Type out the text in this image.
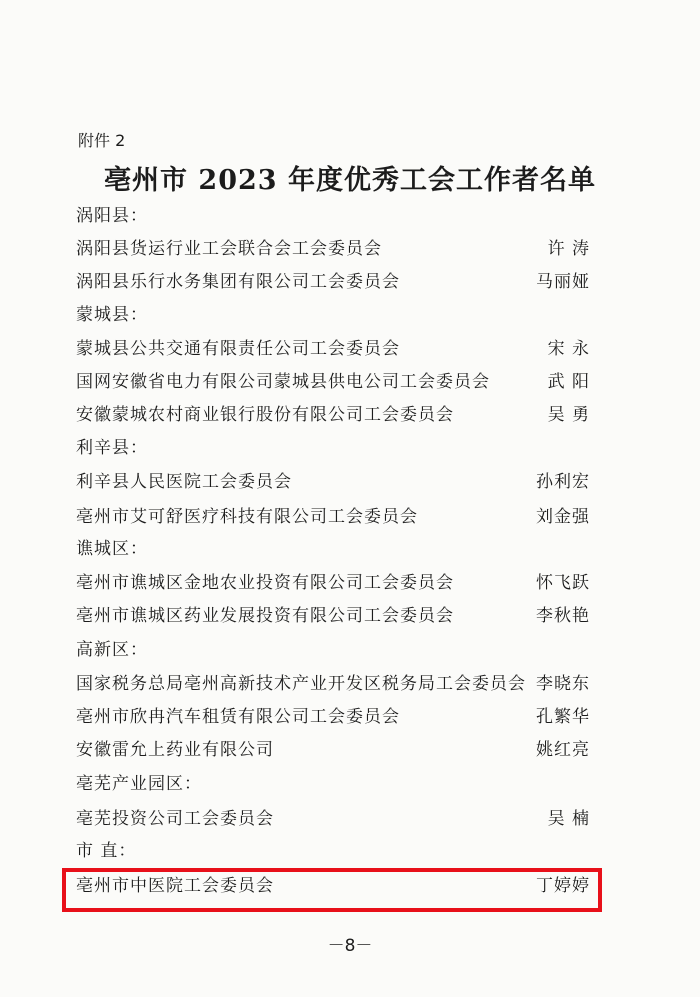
附件 2
亳州市 2023 年度优秀工会工作者名单
涡阳县：
涡阳县货运行业工会联合会工会委员会	许 涛
涡阳县乐行水务集团有限公司工会委员会	马丽娅
蒙城县：
蒙城县公共交通有限责任公司工会委员会	宋 永
国网安徽省电力有限公司蒙城县供电公司工会委员会	武 阳
安徽蒙城农村商业银行股份有限公司工会委员会	吴 勇
利辛县：
利辛县人民医院工会委员会	孙利宏
亳州市艾可舒医疗科技有限公司工会委员会	刘金强
谯城区：
亳州市谯城区金地农业投资有限公司工会委员会	怀飞跃
亳州市谯城区药业发展投资有限公司工会委员会	李秋艳
高新区：
国家税务总局亳州高新技术产业开发区税务局工会委员会 李晓东
亳州市欣冉汽车租赁有限公司工会委员会	孔繁华
安徽雷允上药业有限公司	姚红亮
亳芜产业园区：
亳芜投资公司工会委员会	吴 楠
市 直：
亳州市中医院工会委员会	丁婷婷
－8－
